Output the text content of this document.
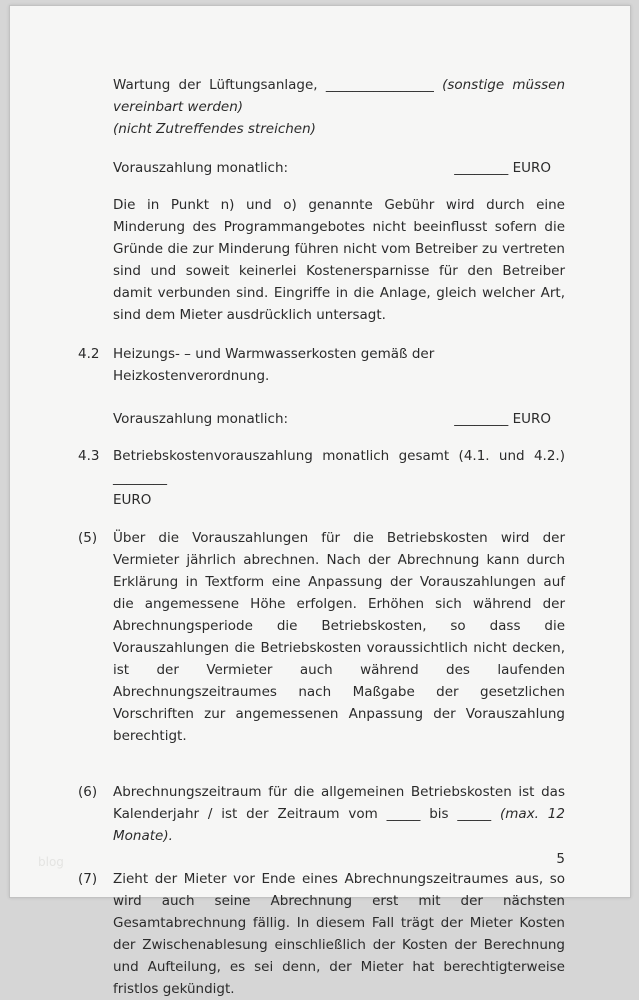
Wartung der Lüftungsanlage, ________________ (sonstige müssen vereinbart werden)

(nicht Zutreffendes streichen)

Vorauszahlung monatlich:	________ EURO

Die in Punkt n) und o) genannte Gebühr wird durch eine Minderung des Programmangebotes nicht beeinflusst sofern die Gründe die zur Minderung führen nicht vom Betreiber zu vertreten sind und soweit keinerlei Kostenersparnisse für den Betreiber damit verbunden sind. Eingriffe in die Anlage, gleich welcher Art, sind dem Mieter ausdrücklich untersagt.

4.2	Heizungs- – und Warmwasserkosten gemäß der Heizkostenverordnung.
Vorauszahlung monatlich:	________ EURO
4.3	Betriebskostenvorauszahlung monatlich gesamt (4.1. und 4.2.) ________

EURO

(5)	Über die Vorauszahlungen für die Betriebskosten wird der Vermieter jährlich abrechnen. Nach der Abrechnung kann durch Erklärung in Textform eine Anpassung der Vorauszahlungen auf die angemessene Höhe erfolgen. Erhöhen sich während der Abrechnungsperiode die Betriebskosten, so dass die Vorauszahlungen die Betriebskosten voraussichtlich nicht decken, ist der Vermieter auch während des laufenden Abrechnungszeitraumes nach Maßgabe der gesetzlichen Vorschriften zur angemessenen Anpassung der Vorauszahlung berechtigt.

(6)	Abrechnungszeitraum für die allgemeinen Betriebskosten ist das Kalenderjahr / ist der Zeitraum vom _____ bis _____ (max. 12 Monate).

(7)	Zieht der Mieter vor Ende eines Abrechnungszeitraumes aus, so wird auch seine Abrechnung erst mit der nächsten Gesamtabrechnung fällig. In diesem Fall trägt der Mieter Kosten der Zwischenablesung einschließlich der Kosten der Berechnung und Aufteilung, es sei denn, der Mieter hat berechtigterweise fristlos gekündigt.

5
blog
